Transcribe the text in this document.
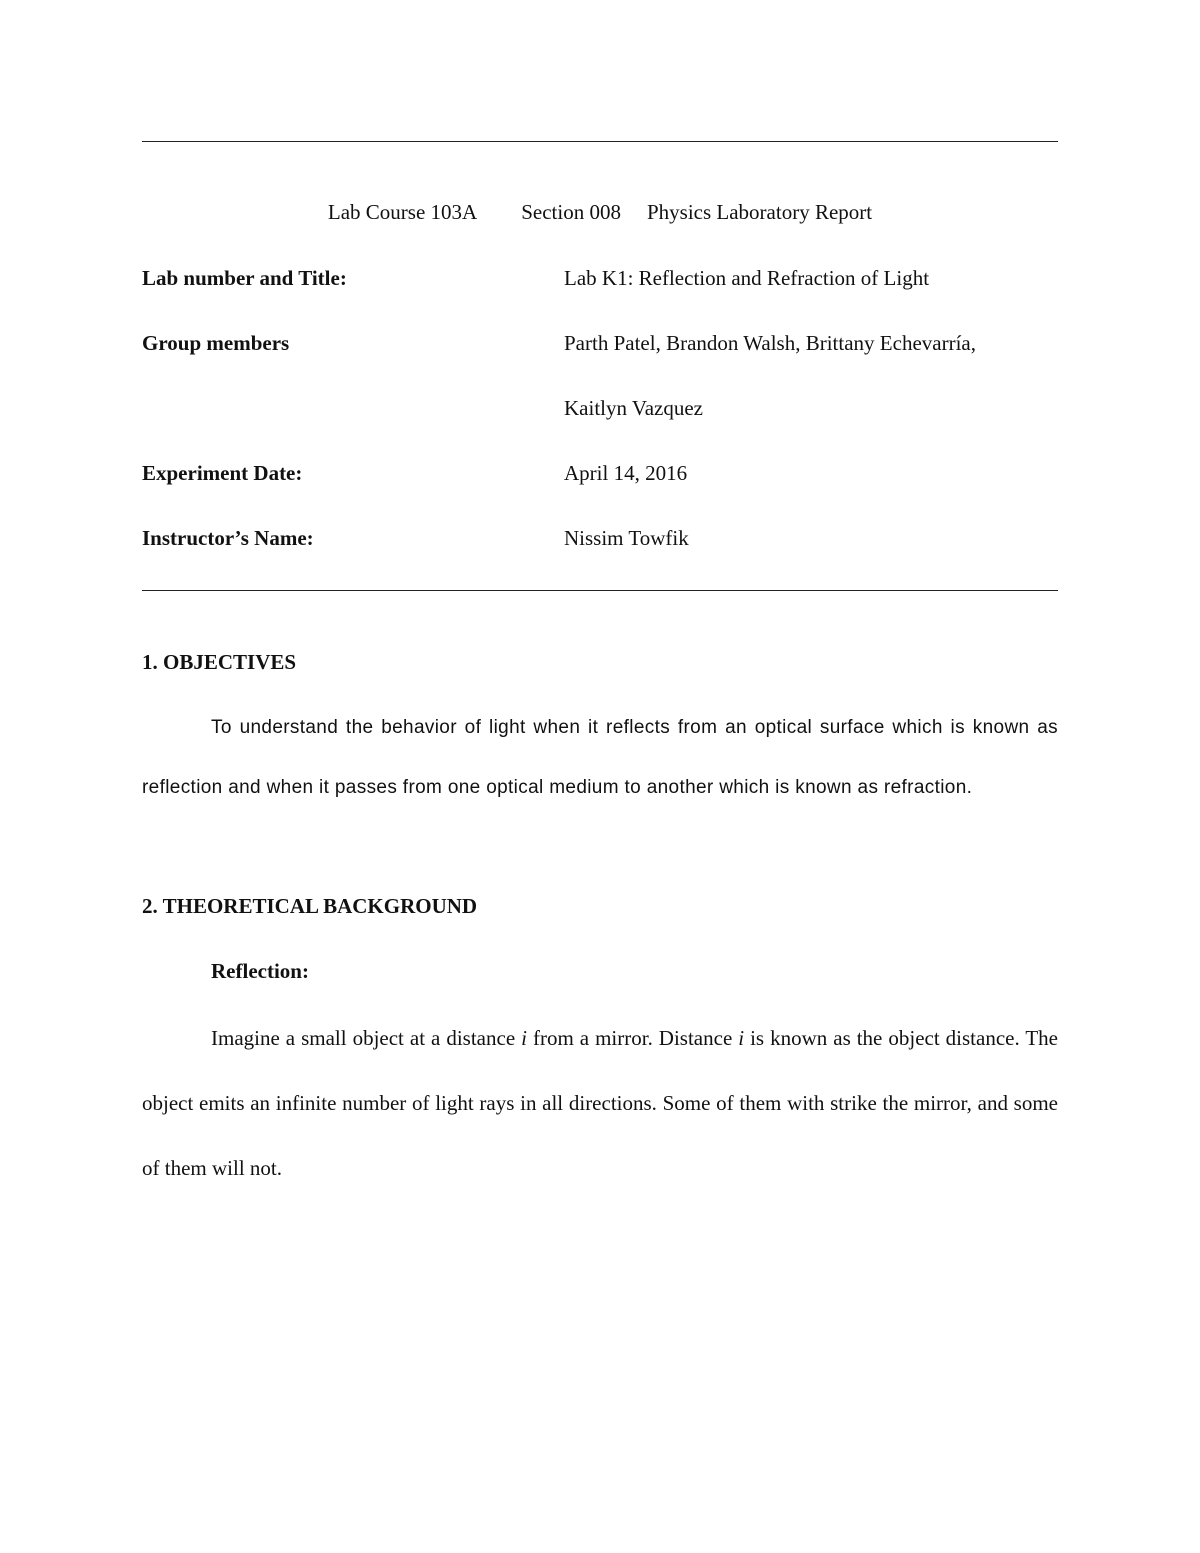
Lab Course 103A Section 008 Physics Laboratory Report
Lab number and Title:	Lab K1: Reflection and Refraction of Light
Group members	Parth Patel, Brandon Walsh, Brittany Echevarría,
Kaitlyn Vazquez
Experiment Date:	April 14, 2016
Instructor’s Name:	Nissim Towfik
1. OBJECTIVES
To understand the behavior of light when it reflects from an optical surface which is known as reflection and when it passes from one optical medium to another which is known as refraction.
2. THEORETICAL BACKGROUND
Reflection:
Imagine a small object at a distance i from a mirror. Distance i is known as the object distance. The object emits an infinite number of light rays in all directions. Some of them with strike the mirror, and some of them will not.
